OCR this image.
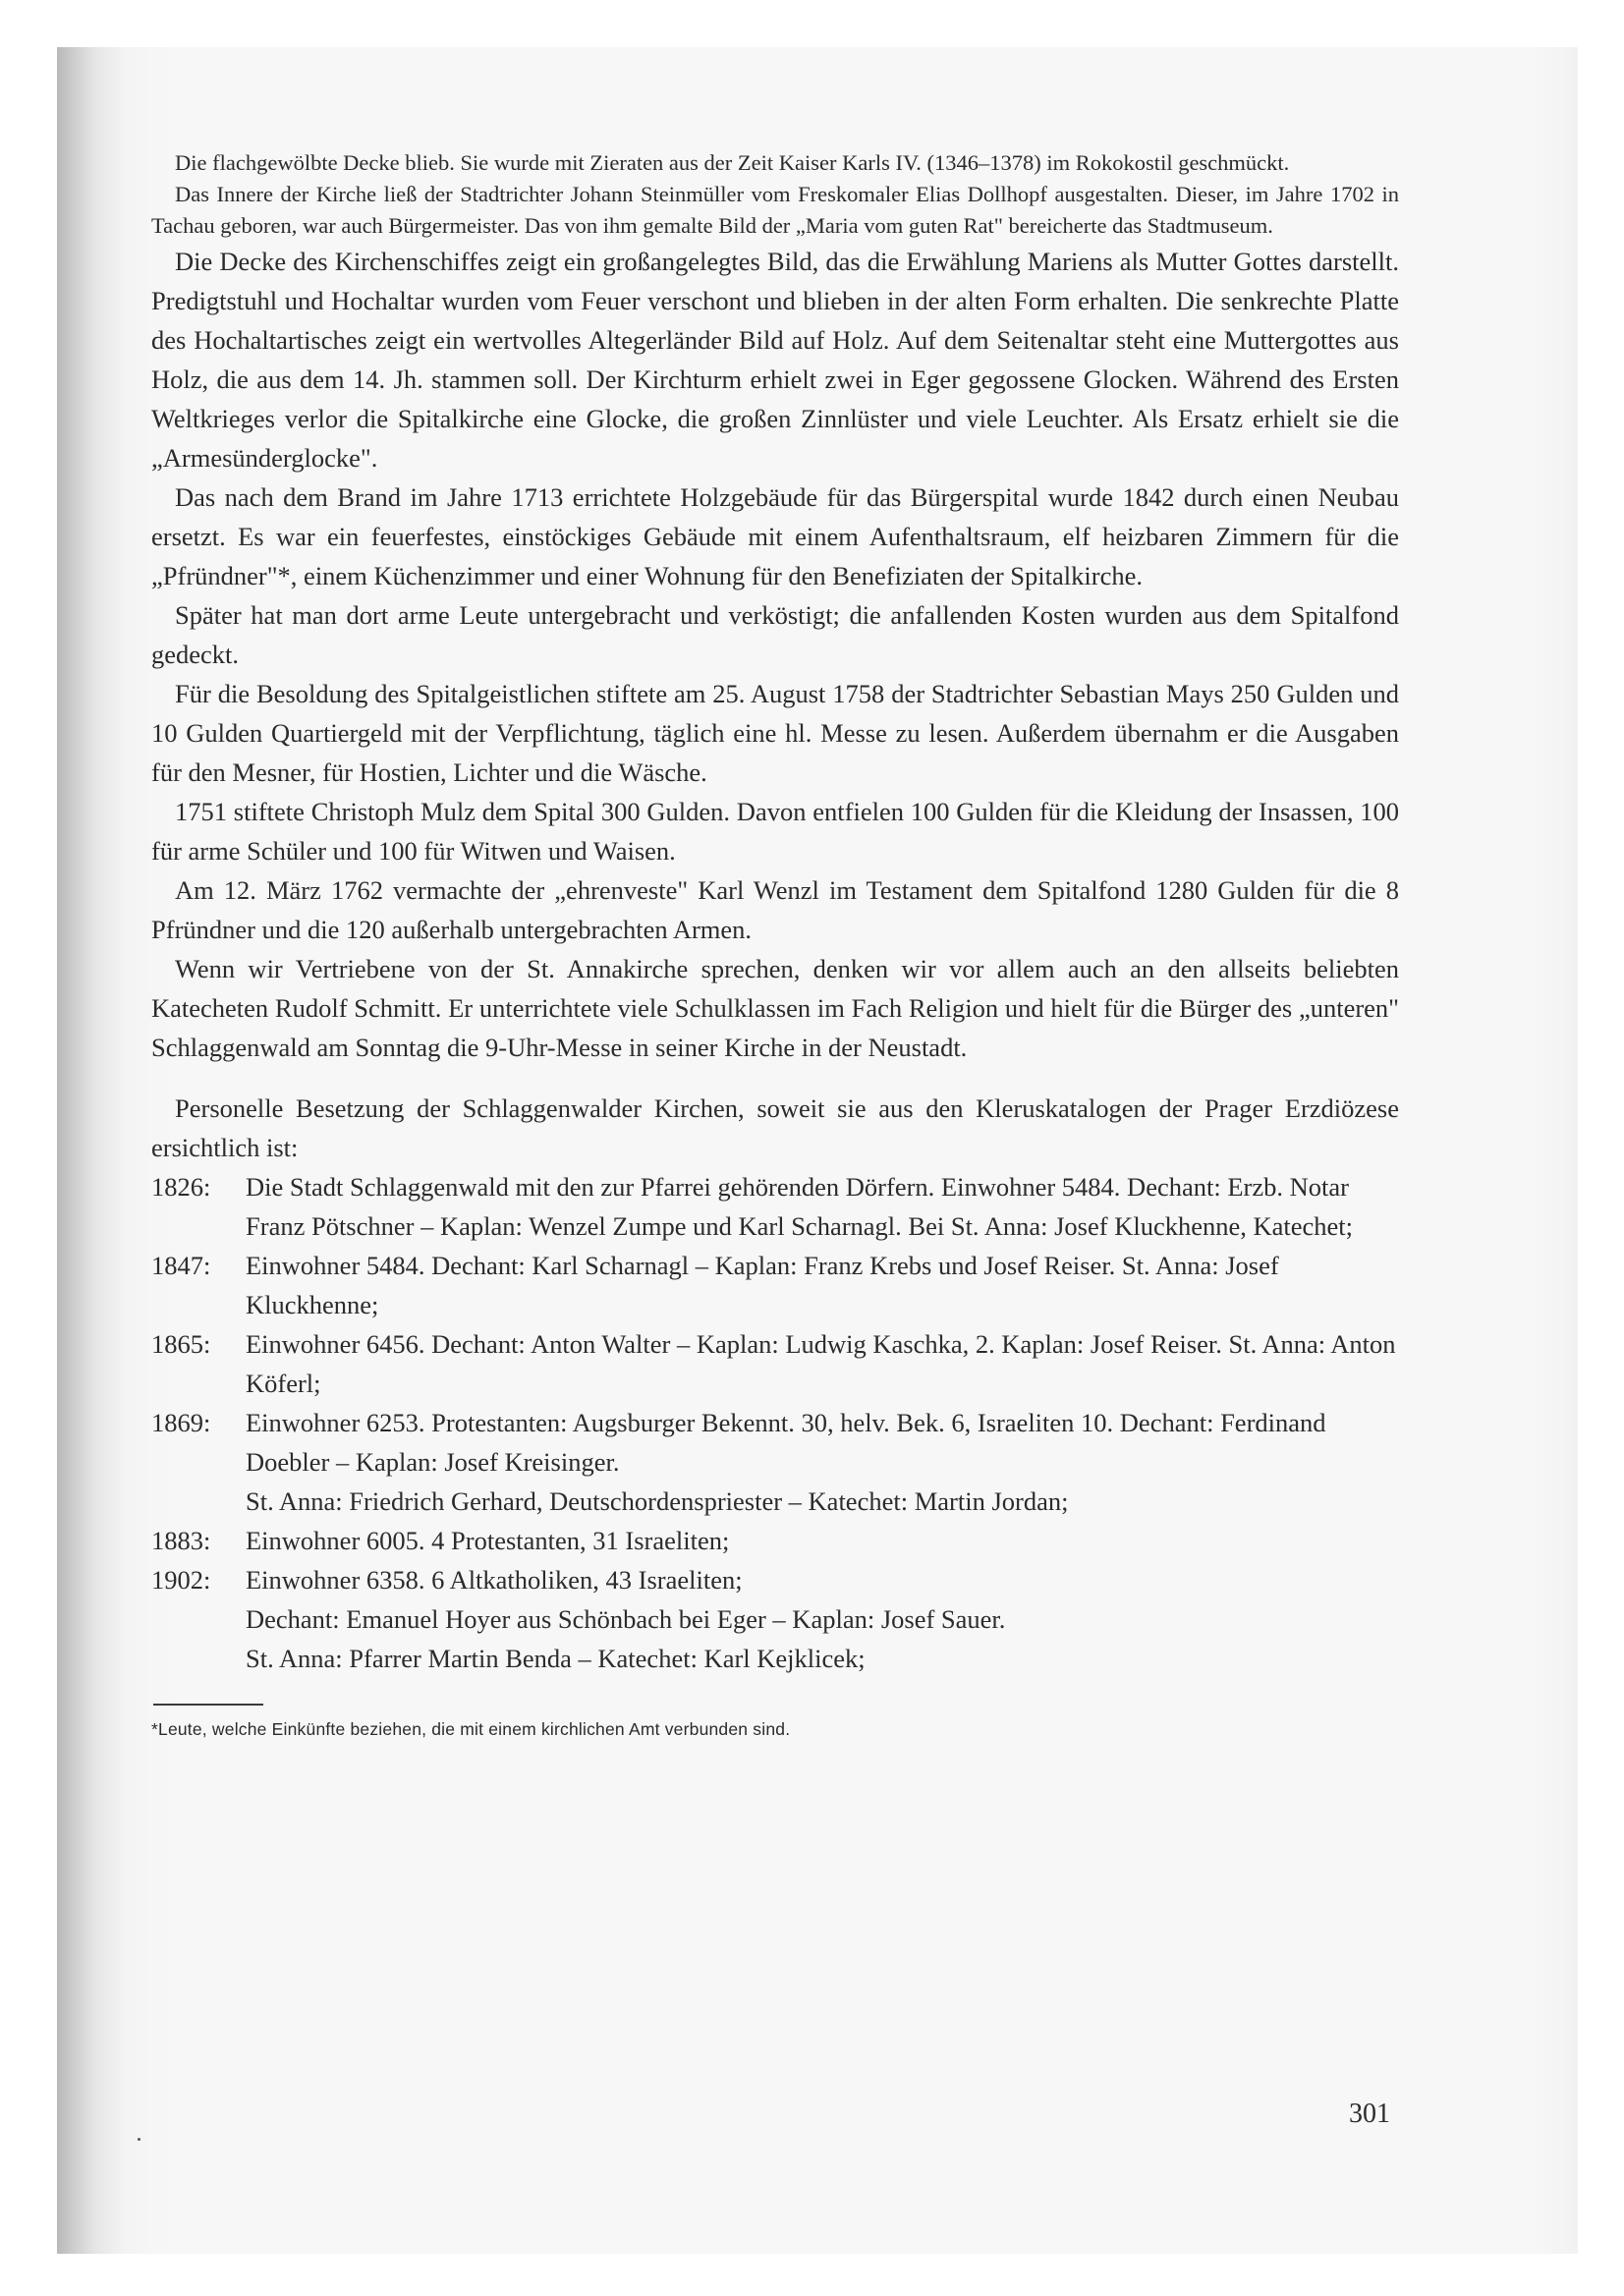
Die flachgewölbte Decke blieb. Sie wurde mit Zieraten aus der Zeit Kaiser Karls IV. (1346–1378) im Rokokostil geschmückt.

Das Innere der Kirche ließ der Stadtrichter Johann Steinmüller vom Freskomaler Elias Dollhopf ausgestalten. Dieser, im Jahre 1702 in Tachau geboren, war auch Bürgermeister. Das von ihm gemalte Bild der „Maria vom guten Rat" bereicherte das Stadtmuseum.

Die Decke des Kirchenschiffes zeigt ein großangelegtes Bild, das die Erwählung Mariens als Mutter Gottes darstellt. Predigtstuhl und Hochaltar wurden vom Feuer verschont und blieben in der alten Form erhalten. Die senkrechte Platte des Hochaltartisches zeigt ein wertvolles Altegerländer Bild auf Holz. Auf dem Seitenaltar steht eine Muttergottes aus Holz, die aus dem 14. Jh. stammen soll. Der Kirchturm erhielt zwei in Eger gegossene Glocken. Während des Ersten Weltkrieges verlor die Spitalkirche eine Glocke, die großen Zinnlüster und viele Leuchter. Als Ersatz erhielt sie die „Armesünderglocke".

Das nach dem Brand im Jahre 1713 errichtete Holzgebäude für das Bürgerspital wurde 1842 durch einen Neubau ersetzt. Es war ein feuerfestes, einstöckiges Gebäude mit einem Aufenthaltsraum, elf heizbaren Zimmern für die „Pfründner"*, einem Küchenzimmer und einer Wohnung für den Benefiziaten der Spitalkirche.

Später hat man dort arme Leute untergebracht und verköstigt; die anfallenden Kosten wurden aus dem Spitalfond gedeckt.

Für die Besoldung des Spitalgeistlichen stiftete am 25. August 1758 der Stadtrichter Sebastian Mays 250 Gulden und 10 Gulden Quartiergeld mit der Verpflichtung, täglich eine hl. Messe zu lesen. Außerdem übernahm er die Ausgaben für den Mesner, für Hostien, Lichter und die Wäsche.

1751 stiftete Christoph Mulz dem Spital 300 Gulden. Davon entfielen 100 Gulden für die Kleidung der Insassen, 100 für arme Schüler und 100 für Witwen und Waisen.

Am 12. März 1762 vermachte der „ehrenveste" Karl Wenzl im Testament dem Spitalfond 1280 Gulden für die 8 Pfründner und die 120 außerhalb untergebrachten Armen.

Wenn wir Vertriebene von der St. Annakirche sprechen, denken wir vor allem auch an den allseits beliebten Katecheten Rudolf Schmitt. Er unterrichtete viele Schulklassen im Fach Religion und hielt für die Bürger des „unteren" Schlaggenwald am Sonntag die 9-Uhr-Messe in seiner Kirche in der Neustadt.

Personelle Besetzung der Schlaggenwalder Kirchen, soweit sie aus den Kleruskatalogen der Prager Erzdiözese ersichtlich ist:

1826:	Die Stadt Schlaggenwald mit den zur Pfarrei gehörenden Dörfern. Einwohner 5484. Dechant: Erzb. Notar Franz Pötschner – Kaplan: Wenzel Zumpe und Karl Scharnagl. Bei St. Anna: Josef Kluckhenne, Katechet;
1847:	Einwohner 5484. Dechant: Karl Scharnagl – Kaplan: Franz Krebs und Josef Reiser. St. Anna: Josef Kluckhenne;
1865:	Einwohner 6456. Dechant: Anton Walter – Kaplan: Ludwig Kaschka, 2. Kaplan: Josef Reiser. St. Anna: Anton Köferl;
1869:	Einwohner 6253. Protestanten: Augsburger Bekennt. 30, helv. Bek. 6, Israeliten 10. Dechant: Ferdinand Doebler – Kaplan: Josef Kreisinger.
St. Anna: Friedrich Gerhard, Deutschordenspriester – Katechet: Martin Jordan;
1883:	Einwohner 6005. 4 Protestanten, 31 Israeliten;
1902:	Einwohner 6358. 6 Altkatholiken, 43 Israeliten;
Dechant: Emanuel Hoyer aus Schönbach bei Eger – Kaplan: Josef Sauer.
St. Anna: Pfarrer Martin Benda – Katechet: Karl Kejklicek;

*Leute, welche Einkünfte beziehen, die mit einem kirchlichen Amt verbunden sind.

301
